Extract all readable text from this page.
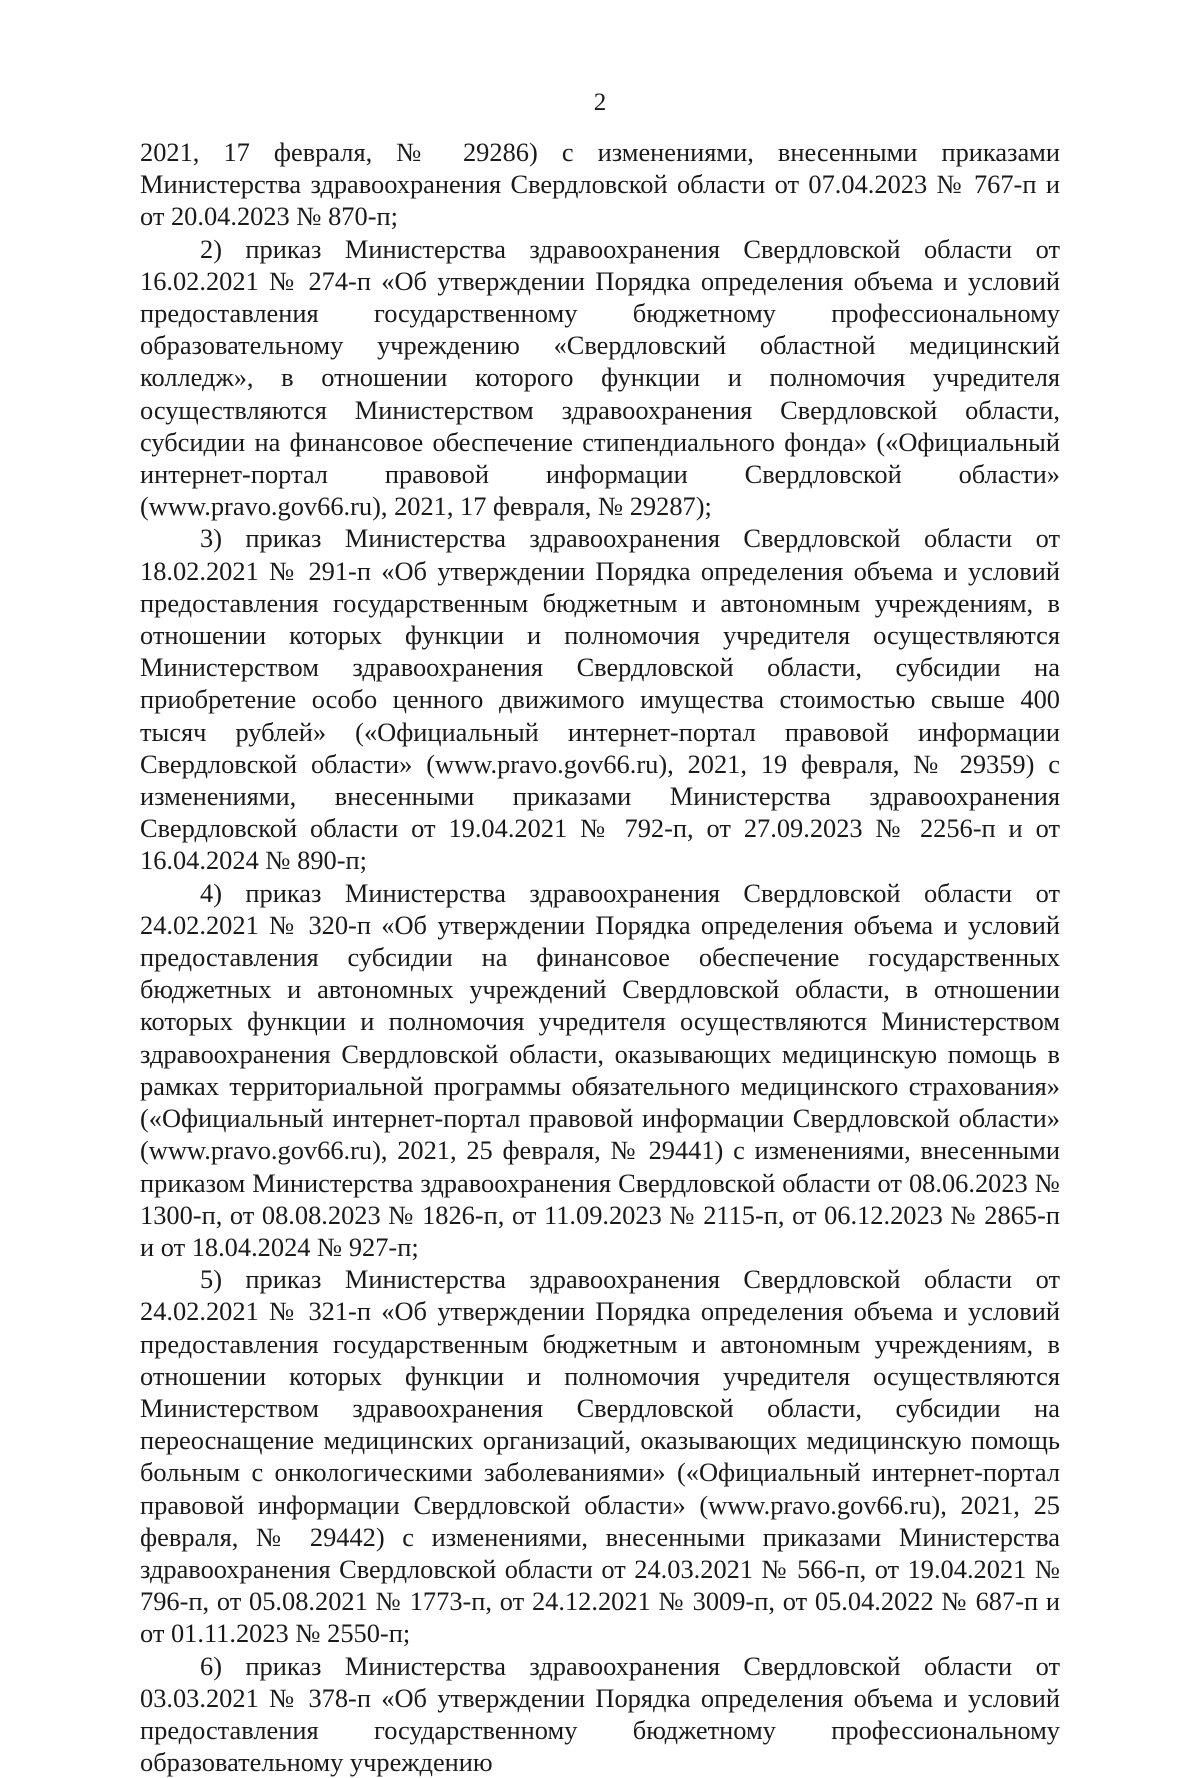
2

2021, 17 февраля, № 29286) с изменениями, внесенными приказами Министерства здравоохранения Свердловской области от 07.04.2023 № 767-п и от 20.04.2023 № 870-п;

2) приказ Министерства здравоохранения Свердловской области от 16.02.2021 № 274-п «Об утверждении Порядка определения объема и условий предоставления государственному бюджетному профессиональному образовательному учреждению «Свердловский областной медицинский колледж», в отношении которого функции и полномочия учредителя осуществляются Министерством здравоохранения Свердловской области, субсидии на финансовое обеспечение стипендиального фонда» («Официальный интернет-портал правовой информации Свердловской области» (www.pravo.gov66.ru), 2021, 17 февраля, № 29287);

3) приказ Министерства здравоохранения Свердловской области от 18.02.2021 № 291-п «Об утверждении Порядка определения объема и условий предоставления государственным бюджетным и автономным учреждениям, в отношении которых функции и полномочия учредителя осуществляются Министерством здравоохранения Свердловской области, субсидии на приобретение особо ценного движимого имущества стоимостью свыше 400 тысяч рублей» («Официальный интернет-портал правовой информации Свердловской области» (www.pravo.gov66.ru), 2021, 19 февраля, № 29359) с изменениями, внесенными приказами Министерства здравоохранения Свердловской области от 19.04.2021 № 792-п, от 27.09.2023 № 2256-п и от 16.04.2024 № 890-п;

4) приказ Министерства здравоохранения Свердловской области от 24.02.2021 № 320-п «Об утверждении Порядка определения объема и условий предоставления субсидии на финансовое обеспечение государственных бюджетных и автономных учреждений Свердловской области, в отношении которых функции и полномочия учредителя осуществляются Министерством здравоохранения Свердловской области, оказывающих медицинскую помощь в рамках территориальной программы обязательного медицинского страхования» («Официальный интернет-портал правовой информации Свердловской области» (www.pravo.gov66.ru), 2021, 25 февраля, № 29441) с изменениями, внесенными приказом Министерства здравоохранения Свердловской области от 08.06.2023 № 1300-п, от 08.08.2023 № 1826-п, от 11.09.2023 № 2115-п, от 06.12.2023 № 2865-п и от 18.04.2024 № 927-п;

5) приказ Министерства здравоохранения Свердловской области от 24.02.2021 № 321-п «Об утверждении Порядка определения объема и условий предоставления государственным бюджетным и автономным учреждениям, в отношении которых функции и полномочия учредителя осуществляются Министерством здравоохранения Свердловской области, субсидии на переоснащение медицинских организаций, оказывающих медицинскую помощь больным с онкологическими заболеваниями» («Официальный интернет-портал правовой информации Свердловской области» (www.pravo.gov66.ru), 2021, 25 февраля, № 29442) с изменениями, внесенными приказами Министерства здравоохранения Свердловской области от 24.03.2021 № 566-п, от 19.04.2021 № 796-п, от 05.08.2021 № 1773-п, от 24.12.2021 № 3009-п, от 05.04.2022 № 687-п и от 01.11.2023 № 2550-п;

6) приказ Министерства здравоохранения Свердловской области от 03.03.2021 № 378-п «Об утверждении Порядка определения объема и условий предоставления государственному бюджетному профессиональному образовательному учреждению
